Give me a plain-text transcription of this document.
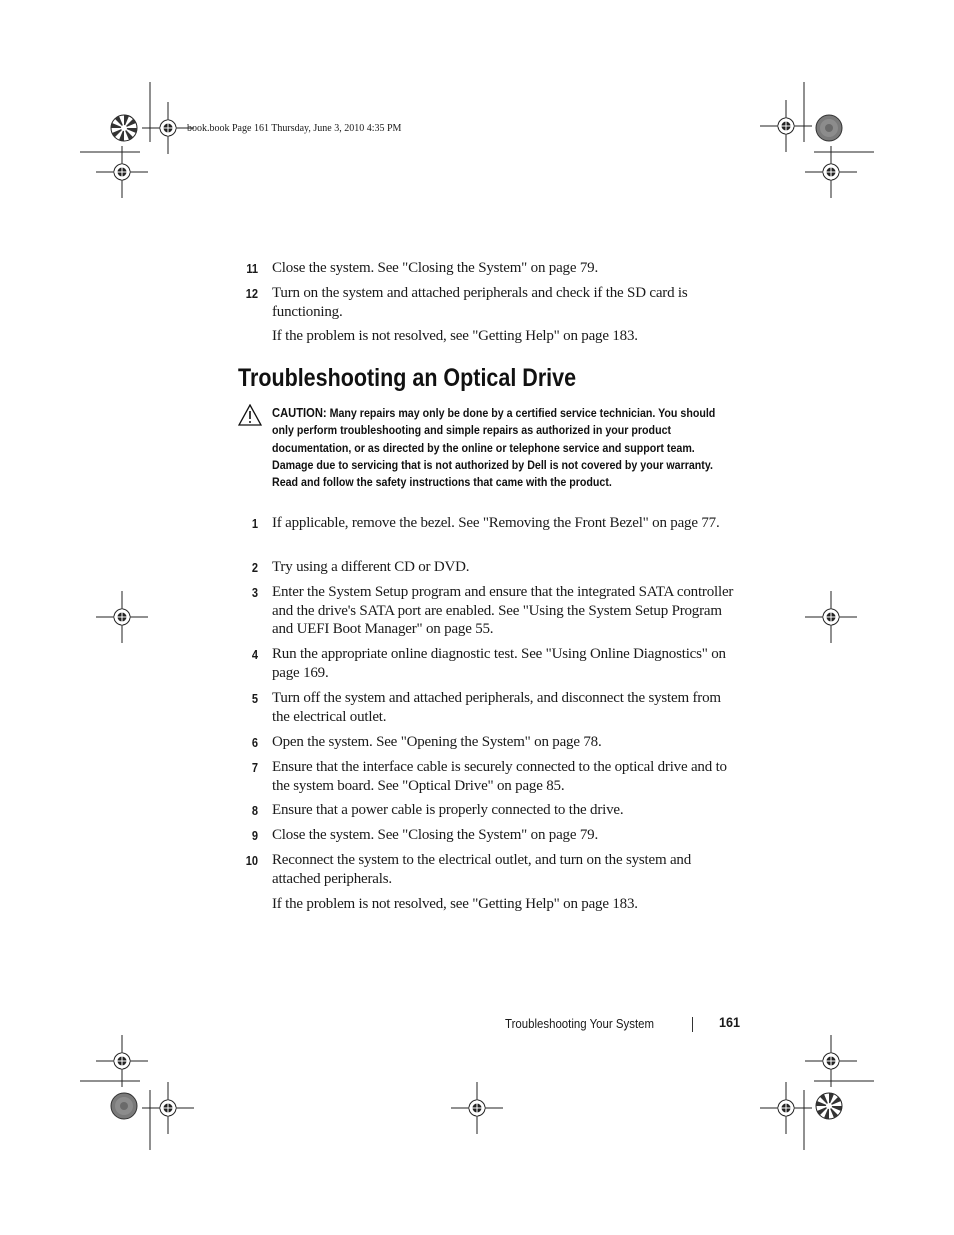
book.book Page 161 Thursday, June 3, 2010 4:35 PM
11 Close the system. See "Closing the System" on page 79.
12 Turn on the system and attached peripherals and check if the SD card is functioning.
If the problem is not resolved, see "Getting Help" on page 183.
Troubleshooting an Optical Drive
CAUTION: Many repairs may only be done by a certified service technician. You should only perform troubleshooting and simple repairs as authorized in your product documentation, or as directed by the online or telephone service and support team. Damage due to servicing that is not authorized by Dell is not covered by your warranty. Read and follow the safety instructions that came with the product.
1 If applicable, remove the bezel. See "Removing the Front Bezel" on page 77.
2 Try using a different CD or DVD.
3 Enter the System Setup program and ensure that the integrated SATA controller and the drive's SATA port are enabled. See "Using the System Setup Program and UEFI Boot Manager" on page 55.
4 Run the appropriate online diagnostic test. See "Using Online Diagnostics" on page 169.
5 Turn off the system and attached peripherals, and disconnect the system from the electrical outlet.
6 Open the system. See "Opening the System" on page 78.
7 Ensure that the interface cable is securely connected to the optical drive and to the system board. See "Optical Drive" on page 85.
8 Ensure that a power cable is properly connected to the drive.
9 Close the system. See "Closing the System" on page 79.
10 Reconnect the system to the electrical outlet, and turn on the system and attached peripherals.
If the problem is not resolved, see "Getting Help" on page 183.
Troubleshooting Your System	161
